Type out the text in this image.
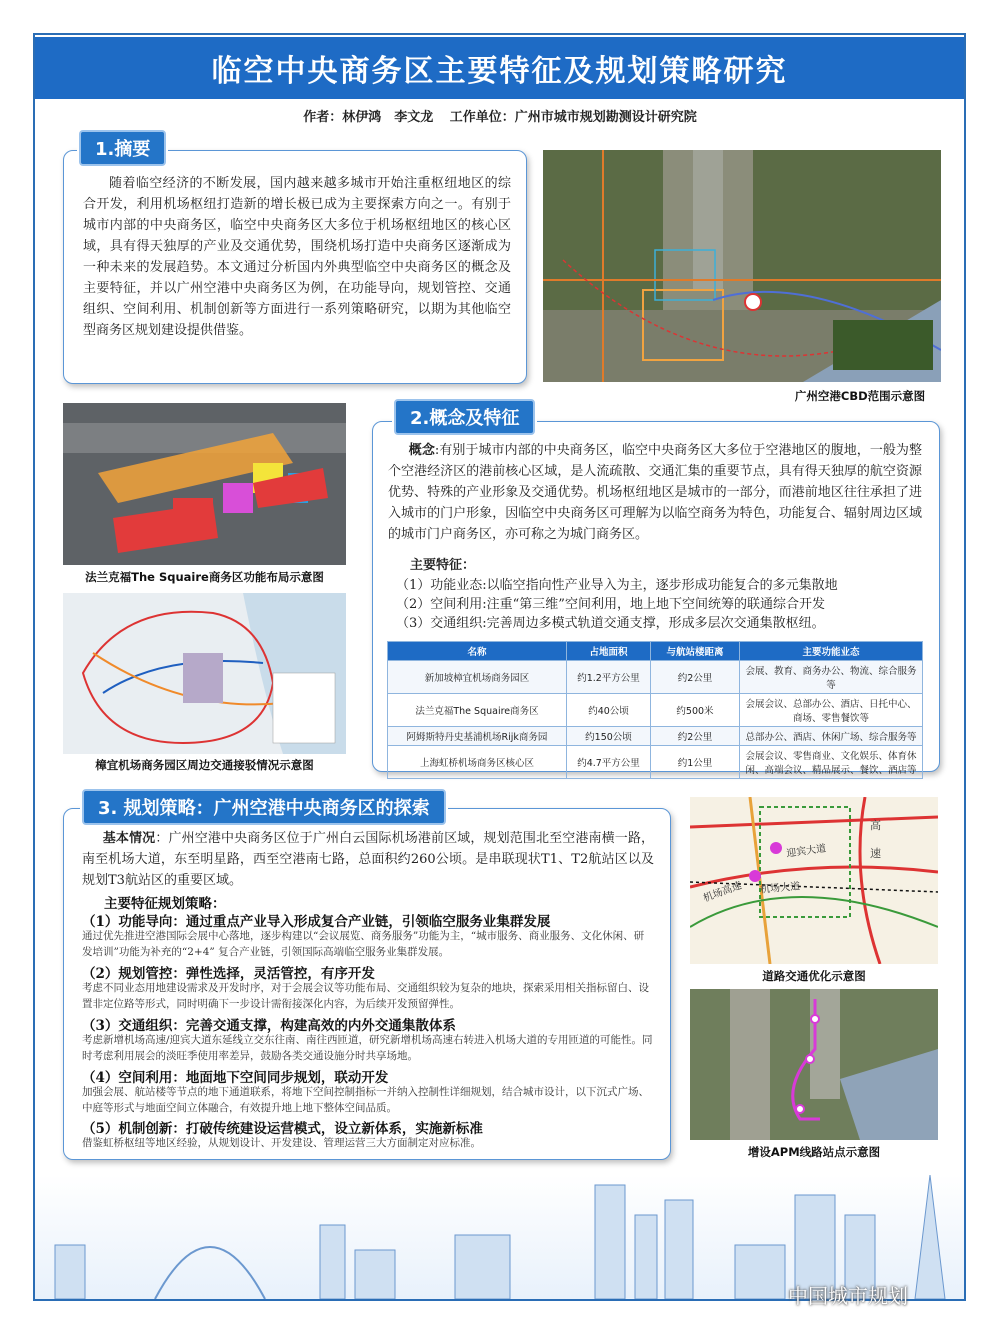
临空中央商务区主要特征及规划策略研究
作者：林伊鸿　李文龙 工作单位：广州市城市规划勘测设计研究院
1.摘要
随着临空经济的不断发展，国内越来越多城市开始注重枢纽地区的综合开发，利用机场枢纽打造新的增长极已成为主要探索方向之一。有别于城市内部的中央商务区，临空中央商务区大多位于机场枢纽地区的核心区域，具有得天独厚的产业及交通优势，围绕机场打造中央商务区逐渐成为一种未来的发展趋势。本文通过分析国内外典型临空中央商务区的概念及主要特征，并以广州空港中央商务区为例，在功能导向，规划管控、交通组织、空间利用、机制创新等方面进行一系列策略研究，以期为其他临空型商务区规划建设提供借鉴。
广州空港CBD范围示意图
法兰克福The Squaire商务区功能布局示意图
樟宜机场商务园区周边交通接驳情况示意图
2.概念及特征
概念:有别于城市内部的中央商务区，临空中央商务区大多位于空港地区的腹地，一般为整个空港经济区的港前核心区域，是人流疏散、交通汇集的重要节点，具有得天独厚的航空资源优势、特殊的产业形象及交通优势。机场枢纽地区是城市的一部分，而港前地区往往承担了进入城市的门户形象，因临空中央商务区可理解为以临空商务为特色，功能复合、辐射周边区域的城市门户商务区，亦可称之为城门商务区。
主要特征：
（1）功能业态:以临空指向性产业导入为主，逐步形成功能复合的多元集散地
（2）空间利用:注重“第三维”空间利用，地上地下空间统筹的联通综合开发
（3）交通组织:完善周边多模式轨道交通支撑，形成多层次交通集散枢纽。
名称	占地面积	与航站楼距离	主要功能业态
新加坡樟宜机场商务园区	约1.2平方公里	约2公里	会展、教育、商务办公、物流、综合服务等
法兰克福The Squaire商务区	约40公顷	约500米	会展会议、总部办公、酒店、日托中心、商场、零售餐饮等
阿姆斯特丹史基浦机场Rijk商务园	约150公顷	约2公里	总部办公、酒店、休闲广场、综合服务等
上海虹桥机场商务区核心区	约4.7平方公里	约1公里	会展会议、零售商业、文化娱乐、体育休闲、高端会议、精品展示、餐饮、酒店等
3. 规划策略：广州空港中央商务区的探索
基本情况：广州空港中央商务区位于广州白云国际机场港前区域，规划范围北至空港南横一路，南至机场大道，东至明星路，西至空港南七路，总面积约260公顷。是串联现状T1、T2航站区以及规划T3航站区的重要区域。
主要特征规划策略：
（1）功能导向：通过重点产业导入形成复合产业链，引领临空服务业集群发展
通过优先推进空港国际会展中心落地，逐步构建以“会议展览、商务服务”功能为主，“城市服务、商业服务、文化休闲、研发培训”功能为补充的“2+4” 复合产业链，引领国际高端临空服务业集群发展。
（2）规划管控：弹性选择，灵活管控，有序开发
考虑不同业态用地建设需求及开发时序，对于会展会议等功能布局、交通组织较为复杂的地块，探索采用相关指标留白、设置非定位路等形式，同时明确下一步设计需衔接深化内容，为后续开发预留弹性。
（3）交通组织：完善交通支撑，构建高效的内外交通集散体系
考虑新增机场高速/迎宾大道东延线立交东往南、南往西匝道，研究新增机场高速右转进入机场大道的专用匝道的可能性。同时考虑利用展会的淡旺季使用率差异，鼓励各类交通设施分时共享场地。
（4）空间利用：地面地下空间同步规划，联动开发
加强会展、航站楼等节点的地下通道联系，将地下空间控制指标一并纳入控制性详细规划，结合城市设计，以下沉式广场、中庭等形式与地面空间立体融合，有效提升地上地下整体空间品质。
（5）机制创新：打破传统建设运营模式，设立新体系，实施新标准
借鉴虹桥枢纽等地区经验，从规划设计、开发建设、管理运营三大方面制定对应标准。
迎宾大道
机场高速 机场大道
高
速
道路交通优化示意图
增设APM线路站点示意图
中国城市规划
